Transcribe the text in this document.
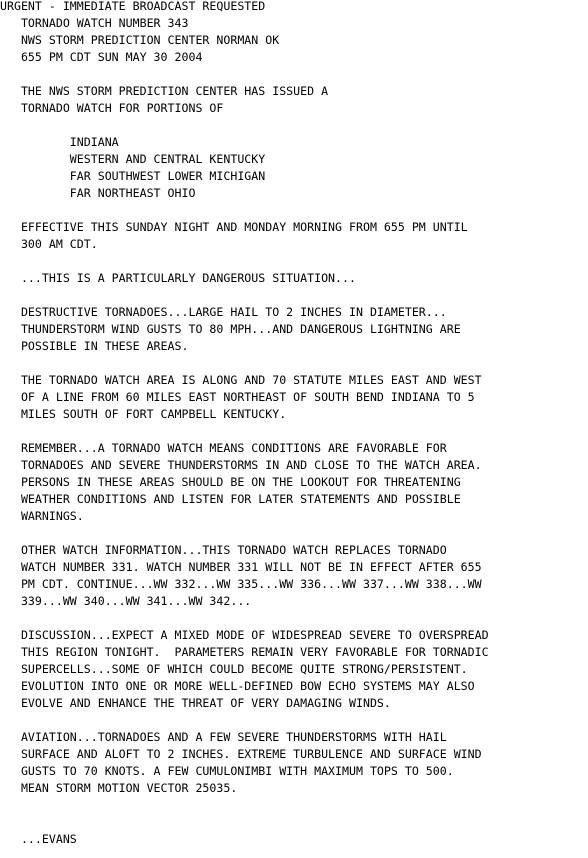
URGENT - IMMEDIATE BROADCAST REQUESTED
TORNADO WATCH NUMBER 343
NWS STORM PREDICTION CENTER NORMAN OK
655 PM CDT SUN MAY 30 2004
THE NWS STORM PREDICTION CENTER HAS ISSUED A
TORNADO WATCH FOR PORTIONS OF
INDIANA
WESTERN AND CENTRAL KENTUCKY
FAR SOUTHWEST LOWER MICHIGAN
FAR NORTHEAST OHIO
EFFECTIVE THIS SUNDAY NIGHT AND MONDAY MORNING FROM 655 PM UNTIL
300 AM CDT.
...THIS IS A PARTICULARLY DANGEROUS SITUATION...
DESTRUCTIVE TORNADOES...LARGE HAIL TO 2 INCHES IN DIAMETER...
THUNDERSTORM WIND GUSTS TO 80 MPH...AND DANGEROUS LIGHTNING ARE
POSSIBLE IN THESE AREAS.
THE TORNADO WATCH AREA IS ALONG AND 70 STATUTE MILES EAST AND WEST
OF A LINE FROM 60 MILES EAST NORTHEAST OF SOUTH BEND INDIANA TO 5
MILES SOUTH OF FORT CAMPBELL KENTUCKY.
REMEMBER...A TORNADO WATCH MEANS CONDITIONS ARE FAVORABLE FOR
TORNADOES AND SEVERE THUNDERSTORMS IN AND CLOSE TO THE WATCH AREA.
PERSONS IN THESE AREAS SHOULD BE ON THE LOOKOUT FOR THREATENING
WEATHER CONDITIONS AND LISTEN FOR LATER STATEMENTS AND POSSIBLE
WARNINGS.
OTHER WATCH INFORMATION...THIS TORNADO WATCH REPLACES TORNADO
WATCH NUMBER 331. WATCH NUMBER 331 WILL NOT BE IN EFFECT AFTER 655
PM CDT. CONTINUE...WW 332...WW 335...WW 336...WW 337...WW 338...WW
339...WW 340...WW 341...WW 342...
DISCUSSION...EXPECT A MIXED MODE OF WIDESPREAD SEVERE TO OVERSPREAD
THIS REGION TONIGHT.  PARAMETERS REMAIN VERY FAVORABLE FOR TORNADIC
SUPERCELLS...SOME OF WHICH COULD BECOME QUITE STRONG/PERSISTENT.
EVOLUTION INTO ONE OR MORE WELL-DEFINED BOW ECHO SYSTEMS MAY ALSO
EVOLVE AND ENHANCE THE THREAT OF VERY DAMAGING WINDS.
AVIATION...TORNADOES AND A FEW SEVERE THUNDERSTORMS WITH HAIL
SURFACE AND ALOFT TO 2 INCHES. EXTREME TURBULENCE AND SURFACE WIND
GUSTS TO 70 KNOTS. A FEW CUMULONIMBI WITH MAXIMUM TOPS TO 500.
MEAN STORM MOTION VECTOR 25035.
...EVANS
